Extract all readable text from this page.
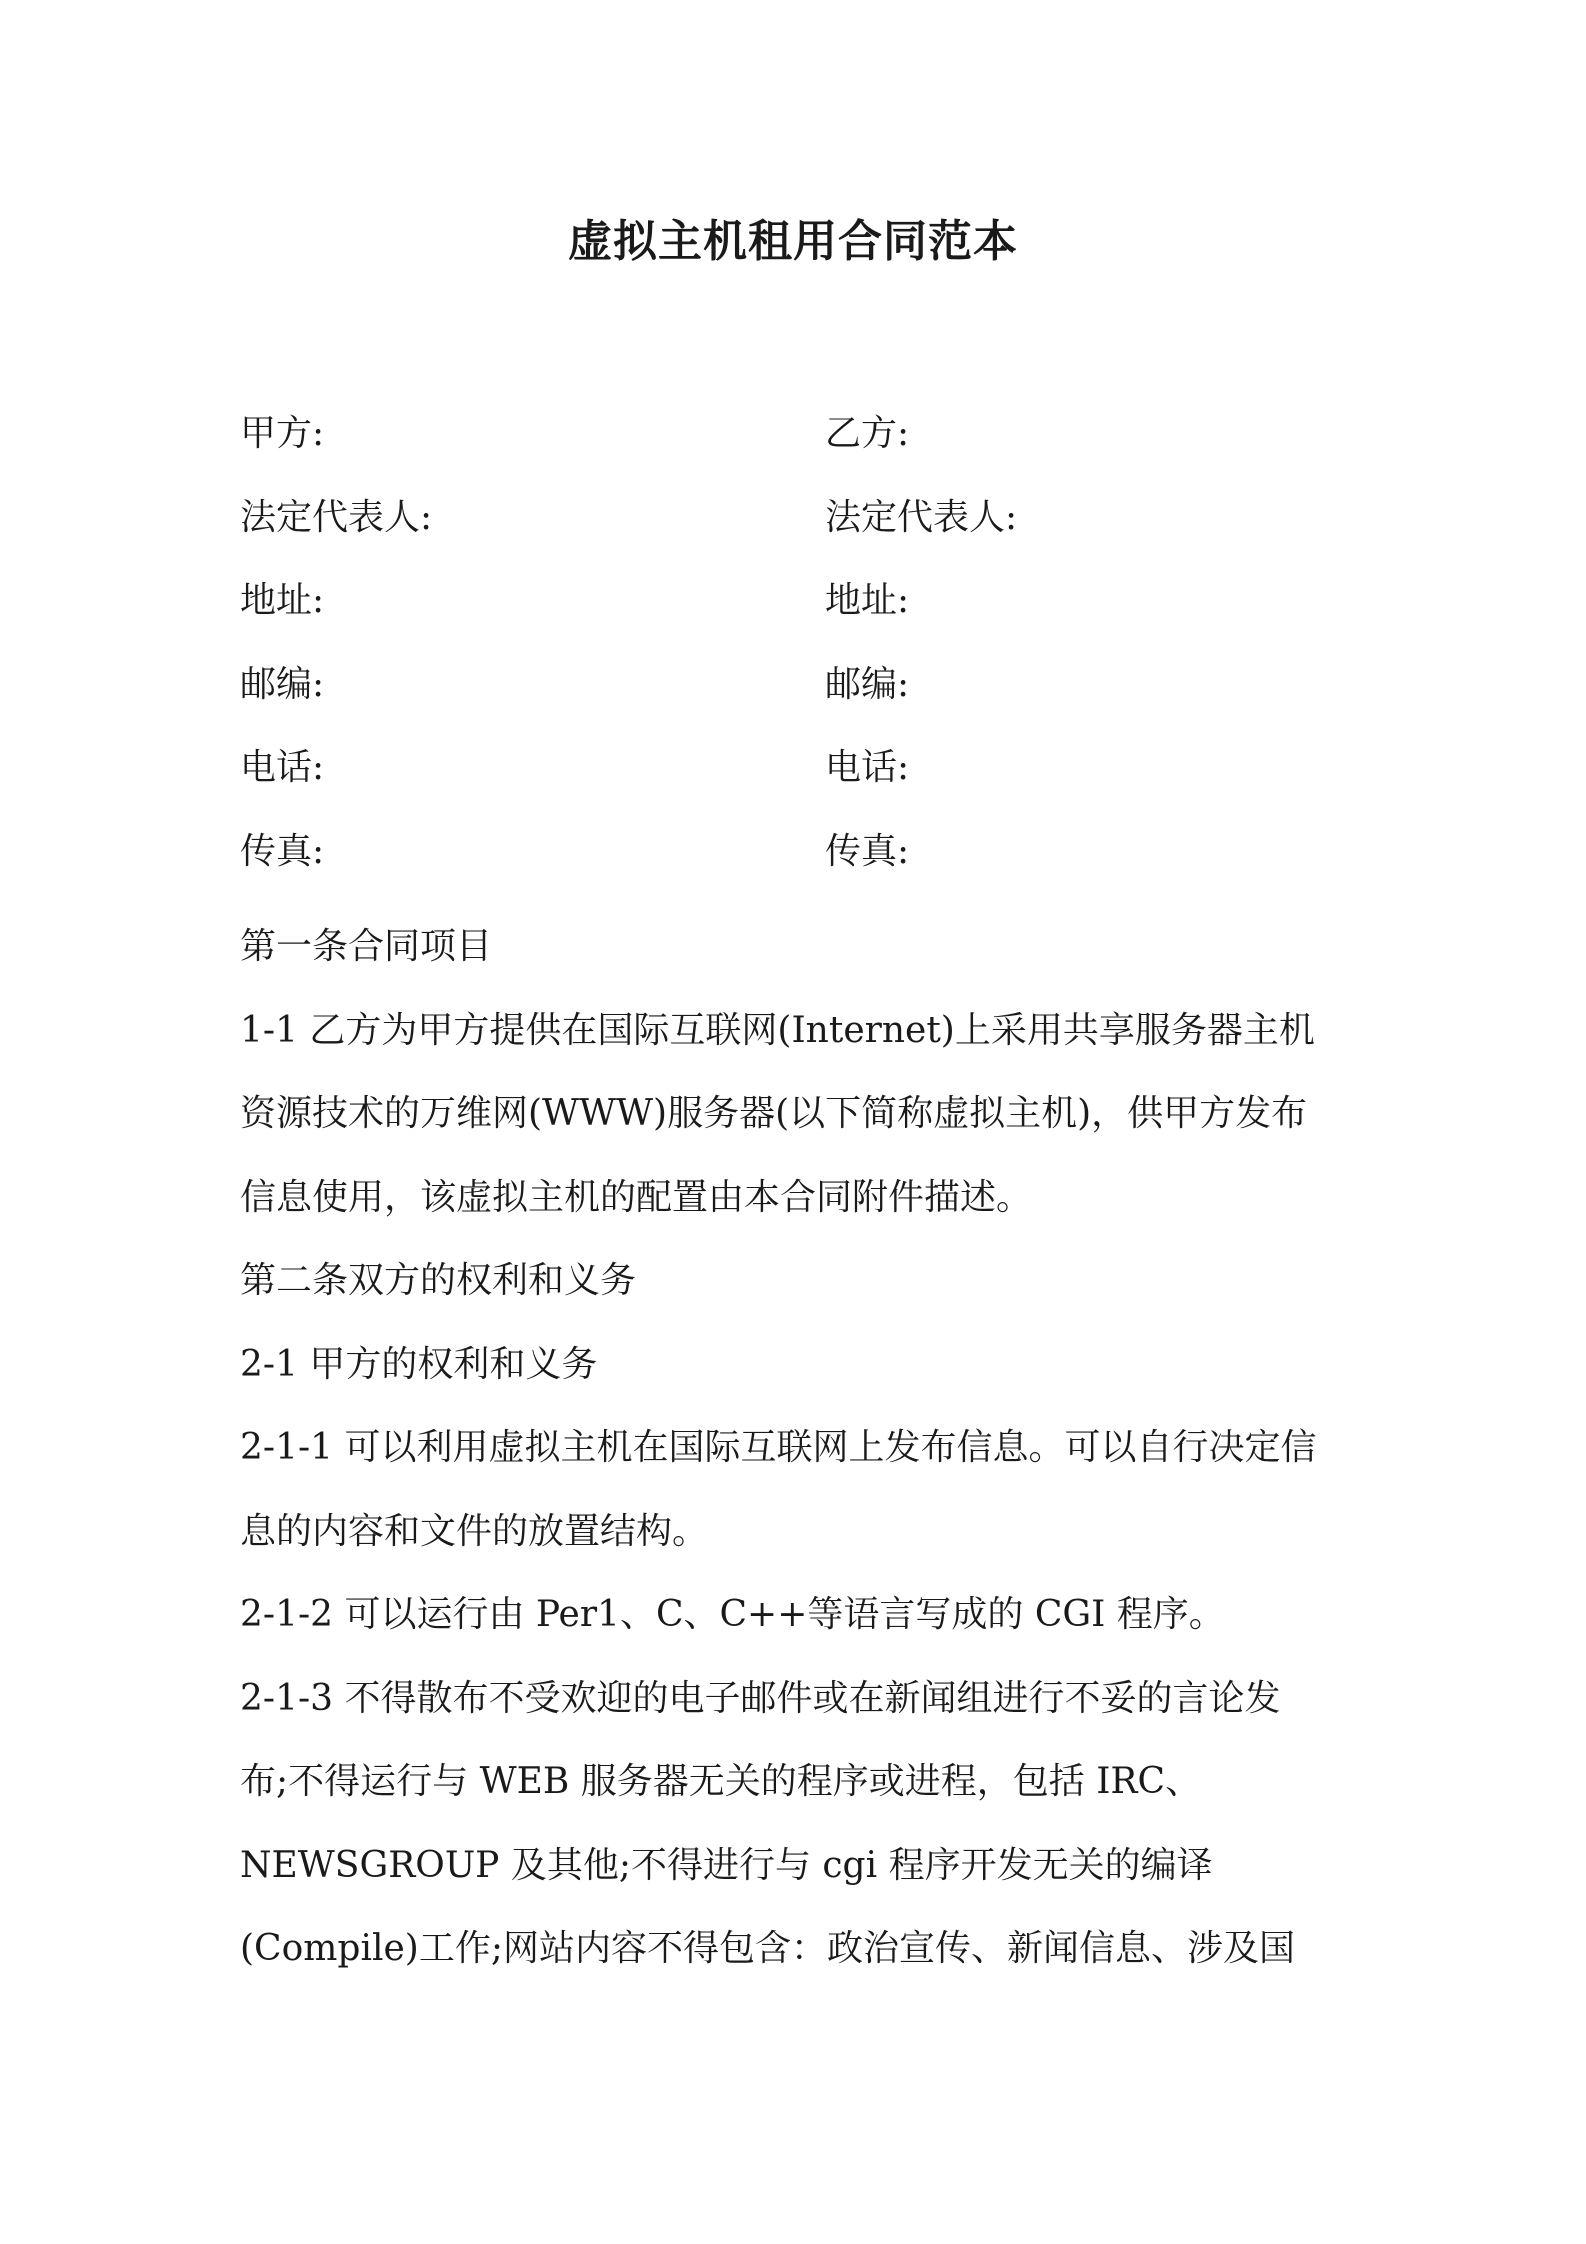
虚拟主机租用合同范本
甲方:	乙方:
法定代表人:	法定代表人:
地址:	地址:
邮编:	邮编:
电话:	电话:
传真:	传真:

第一条合同项目

1-1 乙方为甲方提供在国际互联网(Internet)上采用共享服务器主机

资源技术的万维网(WWW)服务器(以下简称虚拟主机)，供甲方发布

信息使用，该虚拟主机的配置由本合同附件描述。

第二条双方的权利和义务

2-1 甲方的权利和义务

2-1-1 可以利用虚拟主机在国际互联网上发布信息。可以自行决定信

息的内容和文件的放置结构。

2-1-2 可以运行由 Per1、C、C++等语言写成的 CGI 程序。

2-1-3 不得散布不受欢迎的电子邮件或在新闻组进行不妥的言论发

布;不得运行与 WEB 服务器无关的程序或进程，包括 IRC、

NEWSGROUP 及其他;不得进行与 cgi 程序开发无关的编译

(Compile)工作;网站内容不得包含：政治宣传、新闻信息、涉及国
